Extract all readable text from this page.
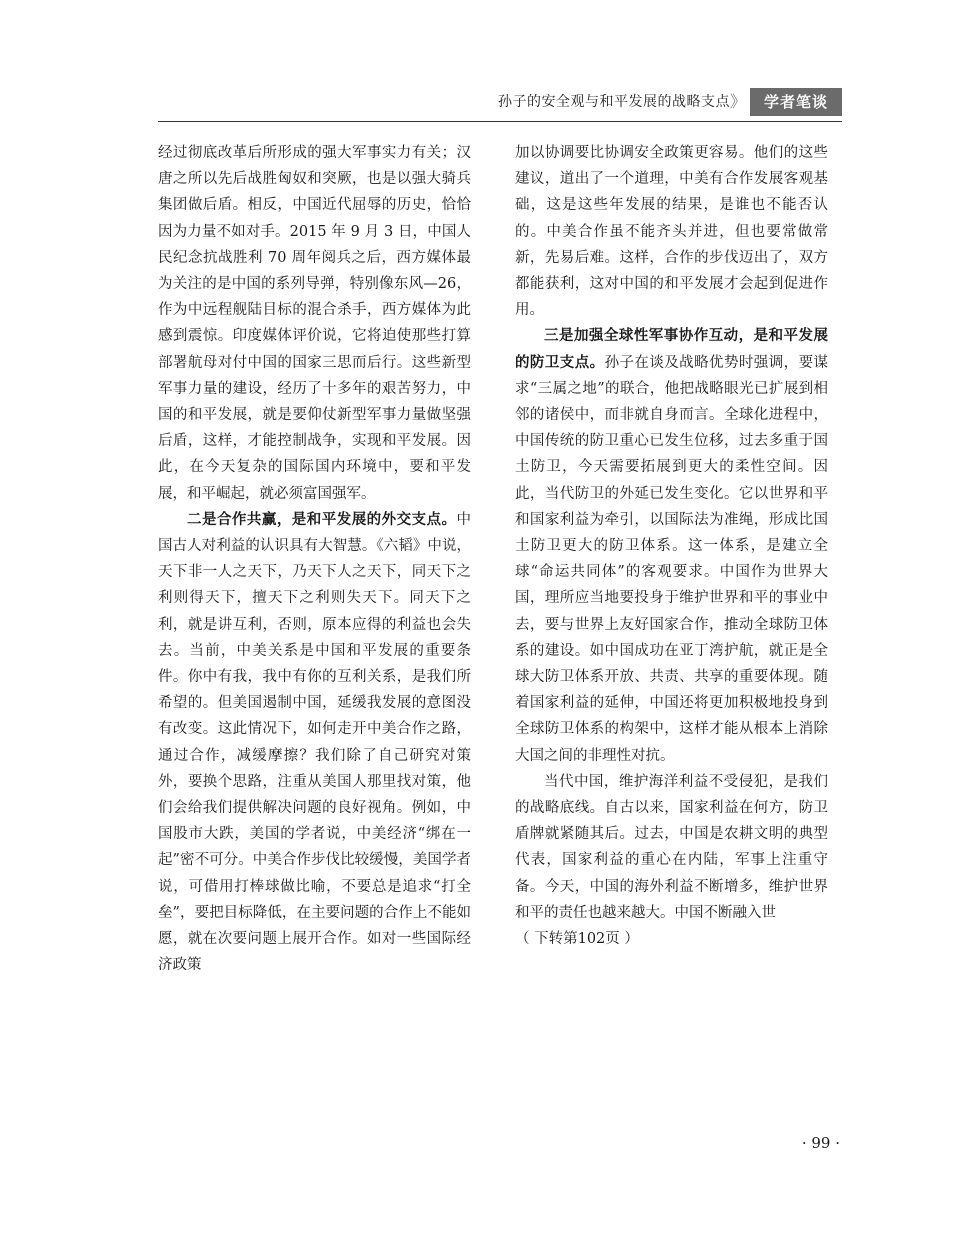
孙子的安全观与和平发展的战略支点 》	学者笔谈

经过彻底改革后所形成的强大军事实力有关；汉唐之所以先后战胜匈奴和突厥，也是以强大骑兵集团做后盾。相反，中国近代屈辱的历史，恰恰因为力量不如对手。2015 年 9 月 3 日，中国人民纪念抗战胜利 70 周年阅兵之后，西方媒体最为关注的是中国的系列导弹，特别像东风—26，作为中远程舰陆目标的混合杀手，西方媒体为此感到震惊。印度媒体评价说，它将迫使那些打算部署航母对付中国的国家三思而后行。这些新型军事力量的建设，经历了十多年的艰苦努力，中国的和平发展，就是要仰仗新型军事力量做坚强后盾，这样，才能控制战争，实现和平发展。因此，在今天复杂的国际国内环境中，要和平发展，和平崛起，就必须富国强军。

二是合作共赢，是和平发展的外交支点。中国古人对利益的认识具有大智慧。《六韬》中说，天下非一人之天下，乃天下人之天下，同天下之利则得天下，擅天下之利则失天下。同天下之利，就是讲互利，否则，原本应得的利益也会失去。当前，中美关系是中国和平发展的重要条件。你中有我，我中有你的互利关系，是我们所希望的。但美国遏制中国，延缓我发展的意图没有改变。这此情况下，如何走开中美合作之路，通过合作，减缓摩擦？我们除了自己研究对策外，要换个思路，注重从美国人那里找对策，他们会给我们提供解决问题的良好视角。例如，中国股市大跌，美国的学者说，中美经济“绑在一起”密不可分。中美合作步伐比较缓慢，美国学者说，可借用打棒球做比喻，不要总是追求“打全垒”，要把目标降低，在主要问题的合作上不能如愿，就在次要问题上展开合作。如对一些国际经济政策

加以协调要比协调安全政策更容易。他们的这些建议，道出了一个道理，中美有合作发展客观基础，这是这些年发展的结果，是谁也不能否认的。中美合作虽不能齐头并进，但也要常做常新，先易后难。这样，合作的步伐迈出了，双方都能获利，这对中国的和平发展才会起到促进作用。

三是加强全球性军事协作互动，是和平发展的防卫支点。孙子在谈及战略优势时强调，要谋求“三属之地”的联合，他把战略眼光已扩展到相邻的诸侯中，而非就自身而言。全球化进程中，中国传统的防卫重心已发生位移，过去多重于国土防卫，今天需要拓展到更大的柔性空间。因此，当代防卫的外延已发生变化。它以世界和平和国家利益为牵引，以国际法为准绳，形成比国土防卫更大的防卫体系。这一体系，是建立全球“命运共同体”的客观要求。中国作为世界大国，理所应当地要投身于维护世界和平的事业中去，要与世界上友好国家合作，推动全球防卫体系的建设。如中国成功在亚丁湾护航，就正是全球大防卫体系开放、共责、共享的重要体现。随着国家利益的延伸，中国还将更加积极地投身到全球防卫体系的构架中，这样才能从根本上消除大国之间的非理性对抗。

当代中国，维护海洋利益不受侵犯，是我们的战略底线。自古以来，国家利益在何方，防卫盾牌就紧随其后。过去，中国是农耕文明的典型代表，国家利益的重心在内陆，军事上注重守备。今天，中国的海外利益不断增多，维护世界和平的责任也越来越大。中国不断融入世

（ 下转第102页 ）

· 99 ·
